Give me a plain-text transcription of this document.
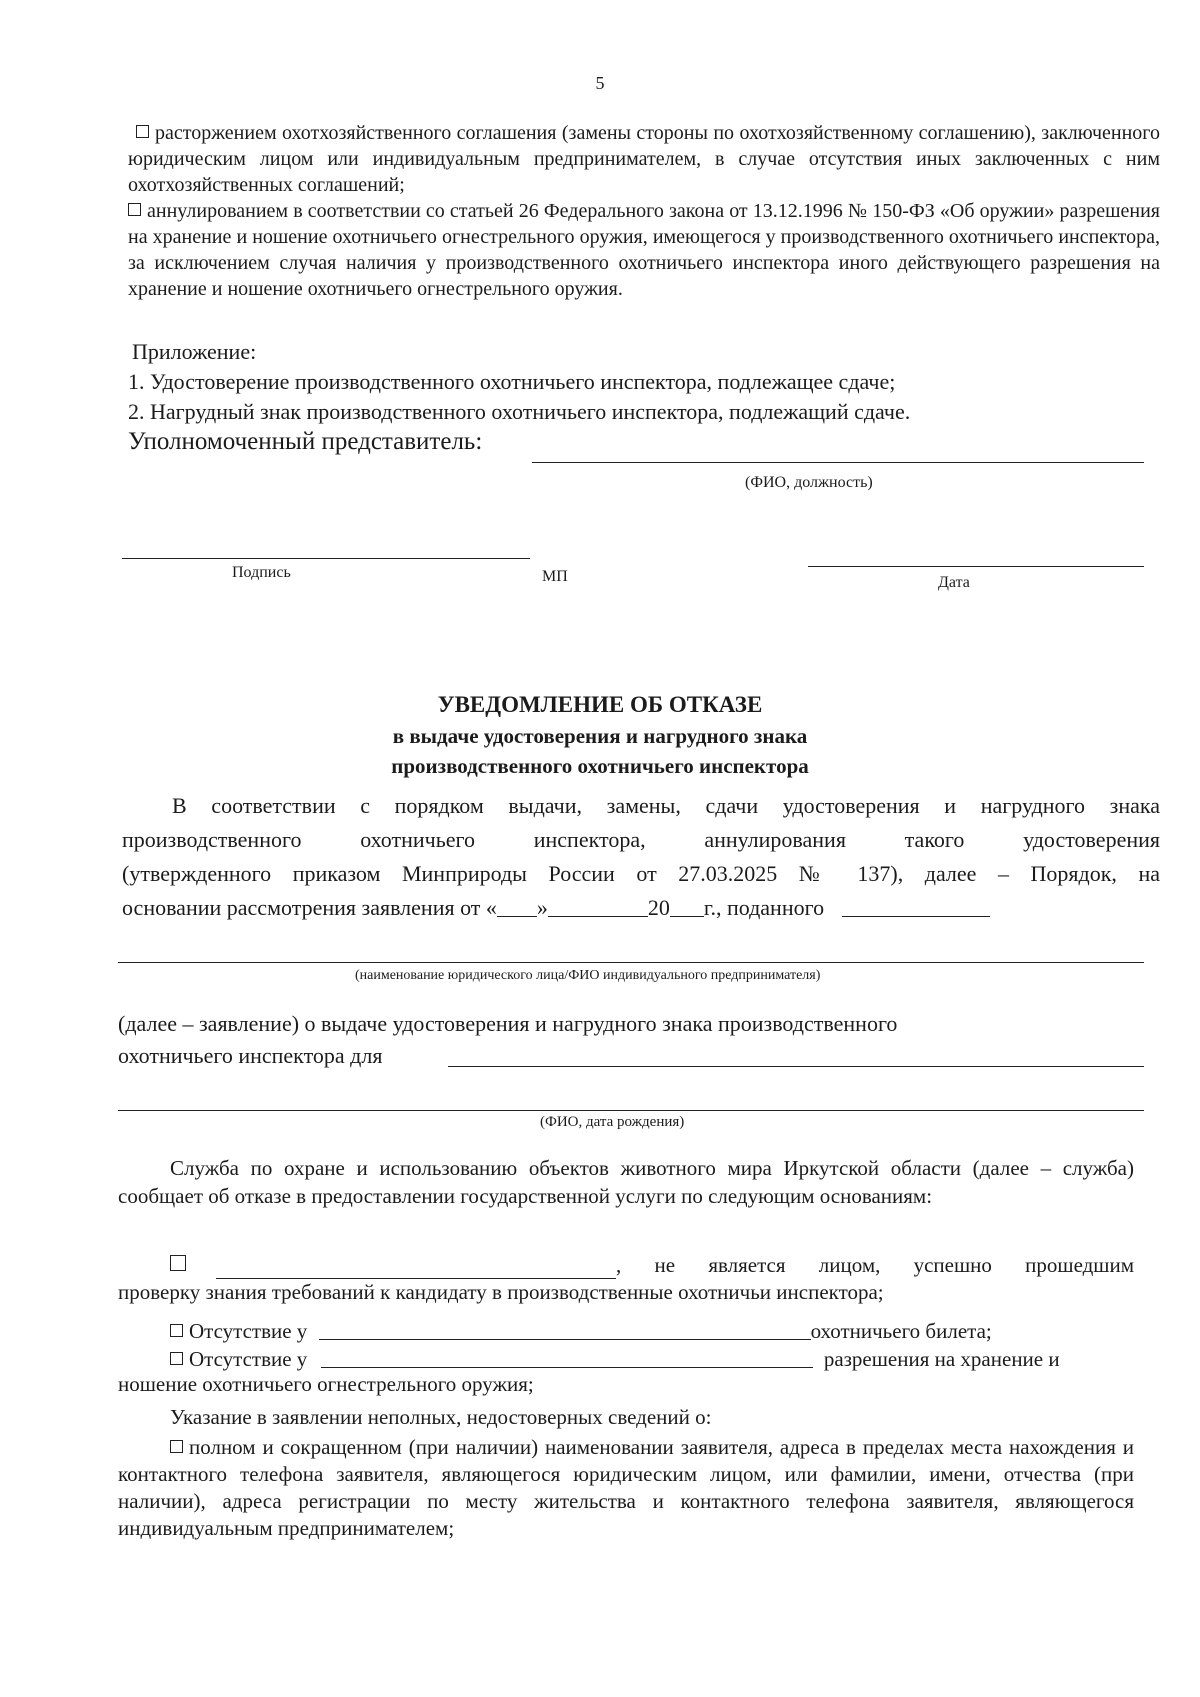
5
расторжением охотхозяйственного соглашения (замены стороны по охотхозяйственному соглашению), заключенного юридическим лицом или индивидуальным предпринимателем, в случае отсутствия иных заключенных с ним охотхозяйственных соглашений;
аннулированием в соответствии со статьей 26 Федерального закона от 13.12.1996 № 150-ФЗ «Об оружии» разрешения на хранение и ношение охотничьего огнестрельного оружия, имеющегося у производственного охотничьего инспектора, за исключением случая наличия у производственного охотничьего инспектора иного действующего разрешения на хранение и ношение охотничьего огнестрельного оружия.
Приложение:
1. Удостоверение производственного охотничьего инспектора, подлежащее сдаче;
2. Нагрудный знак производственного охотничьего инспектора, подлежащий сдаче.
Уполномоченный представитель:
(ФИО, должность)
Подпись	МП	Дата
УВЕДОМЛЕНИЕ ОБ ОТКАЗЕ
в выдаче удостоверения и нагрудного знака
производственного охотничьего инспектора
В соответствии с порядком выдачи, замены, сдачи удостоверения и нагрудного знака
производственного охотничьего инспектора, аннулирования такого удостоверения
(утвержденного приказом Минприроды России от 27.03.2025 № 137), далее – Порядок, на
основании рассмотрения заявления от « »	20 г., поданного
(наименование юридического лица/ФИО индивидуального предпринимателя)
(далее – заявление) о выдаче удостоверения и нагрудного знака производственного
охотничьего инспектора для
(ФИО, дата рождения)
Служба по охране и использованию объектов животного мира Иркутской области (далее – служба) сообщает об отказе в предоставлении государственной услуги по следующим основаниям:
, не является лицом, успешно прошедшим
проверку знания требований к кандидату в производственные охотничьи инспектора;
Отсутствие у	охотничьего билета;
Отсутствие у	разрешения на хранение и
ношение охотничьего огнестрельного оружия;
Указание в заявлении неполных, недостоверных сведений о:
полном и сокращенном (при наличии) наименовании заявителя, адреса в пределах места нахождения и контактного телефона заявителя, являющегося юридическим лицом, или фамилии, имени, отчества (при наличии), адреса регистрации по месту жительства и контактного телефона заявителя, являющегося индивидуальным предпринимателем;
